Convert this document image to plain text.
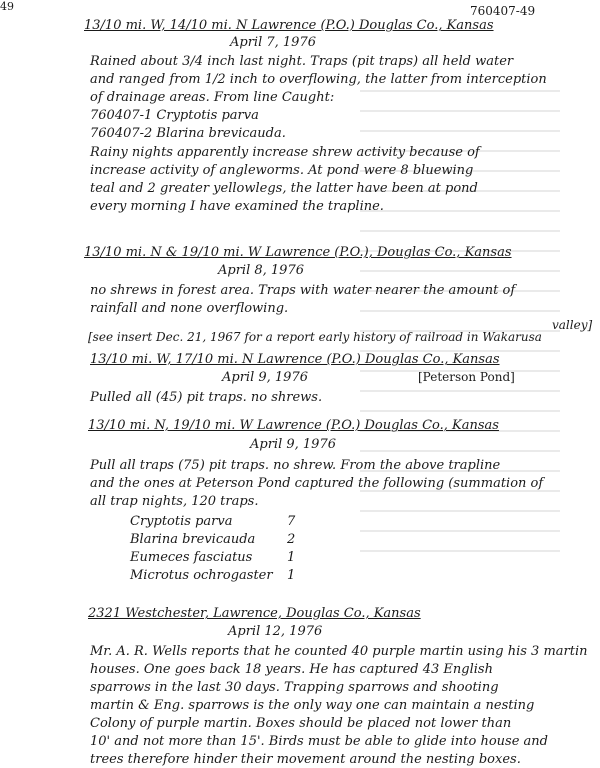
49	760407-49
13/10 mi. W, 14/10 mi. N Lawrence (P.O.) Douglas Co., Kansas
April 7, 1976
Rained about 3/4 inch last night. Traps (pit traps) all held water
and ranged from 1/2 inch to overflowing, the latter from interception
of drainage areas. From line Caught:
760407-1 Cryptotis parva
760407-2 Blarina brevicauda.
Rainy nights apparently increase shrew activity because of
increase activity of angleworms. At pond were 8 bluewing
teal and 2 greater yellowlegs, the latter have been at pond
every morning I have examined the trapline.
13/10 mi. N & 19/10 mi. W Lawrence (P.O.), Douglas Co., Kansas
April 8, 1976
no shrews in forest area. Traps with water nearer the amount of
rainfall and none overflowing.
[see insert Dec. 21, 1967 for a report early history of railroad in Wakarusa
valley]
13/10 mi. W, 17/10 mi. N Lawrence (P.O.) Douglas Co., Kansas
April 9, 1976	[Peterson Pond]
Pulled all (45) pit traps. no shrews.
13/10 mi. N, 19/10 mi. W Lawrence (P.O.) Douglas Co., Kansas
April 9, 1976
Pull all traps (75) pit traps. no shrew. From the above trapline
and the ones at Peterson Pond captured the following (summation of
all trap nights, 120 traps.
Cryptotis parva	7
Blarina brevicauda 2
Eumeces fasciatus	1
Microtus ochrogaster 1
2321 Westchester, Lawrence, Douglas Co., Kansas
April 12, 1976
Mr. A. R. Wells reports that he counted 40 purple martin using his 3 martin
houses. One goes back 18 years. He has captured 43 English
sparrows in the last 30 days. Trapping sparrows and shooting
martin & Eng. sparrows is the only way one can maintain a nesting
Colony of purple martin. Boxes should be placed not lower than
10' and not more than 15'. Birds must be able to glide into house and
trees therefore hinder their movement around the nesting boxes.
